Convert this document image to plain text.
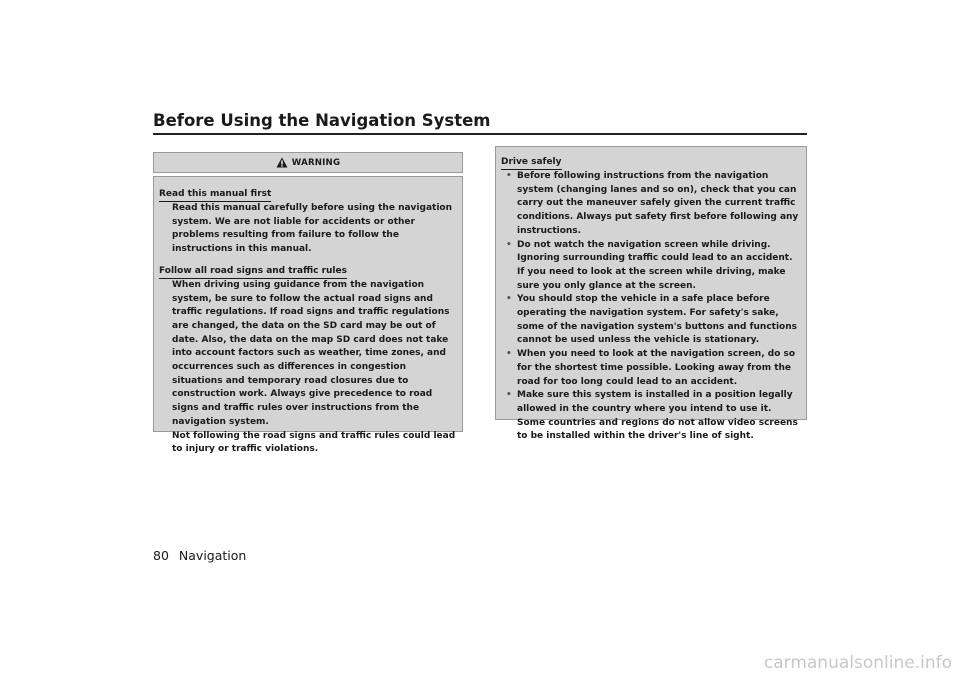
Before Using the Navigation System
WARNING
Read this manual first

Read this manual carefully before using the navigation system. We are not liable for accidents or other problems resulting from failure to follow the instructions in this manual.

Follow all road signs and traffic rules

When driving using guidance from the navigation system, be sure to follow the actual road signs and traffic regulations. If road signs and traffic regulations are changed, the data on the SD card may be out of date. Also, the data on the map SD card does not take into account factors such as weather, time zones, and occurrences such as differences in congestion situations and temporary road closures due to construction work. Always give precedence to road signs and traffic rules over instructions from the navigation system.

Not following the road signs and traffic rules could lead to injury or traffic violations.

Drive safely
• Before following instructions from the navigation system (changing lanes and so on), check that you can carry out the maneuver safely given the current traffic conditions. Always put safety first before following any instructions.
• Do not watch the navigation screen while driving. Ignoring surrounding traffic could lead to an accident. If you need to look at the screen while driving, make sure you only glance at the screen.
• You should stop the vehicle in a safe place before operating the navigation system. For safety's sake, some of the navigation system's buttons and functions cannot be used unless the vehicle is stationary.
• When you need to look at the navigation screen, do so for the shortest time possible. Looking away from the road for too long could lead to an accident.
• Make sure this system is installed in a position legally allowed in the country where you intend to use it. Some countries and regions do not allow video screens to be installed within the driver's line of sight.
80 Navigation
carmanualsonline.info
